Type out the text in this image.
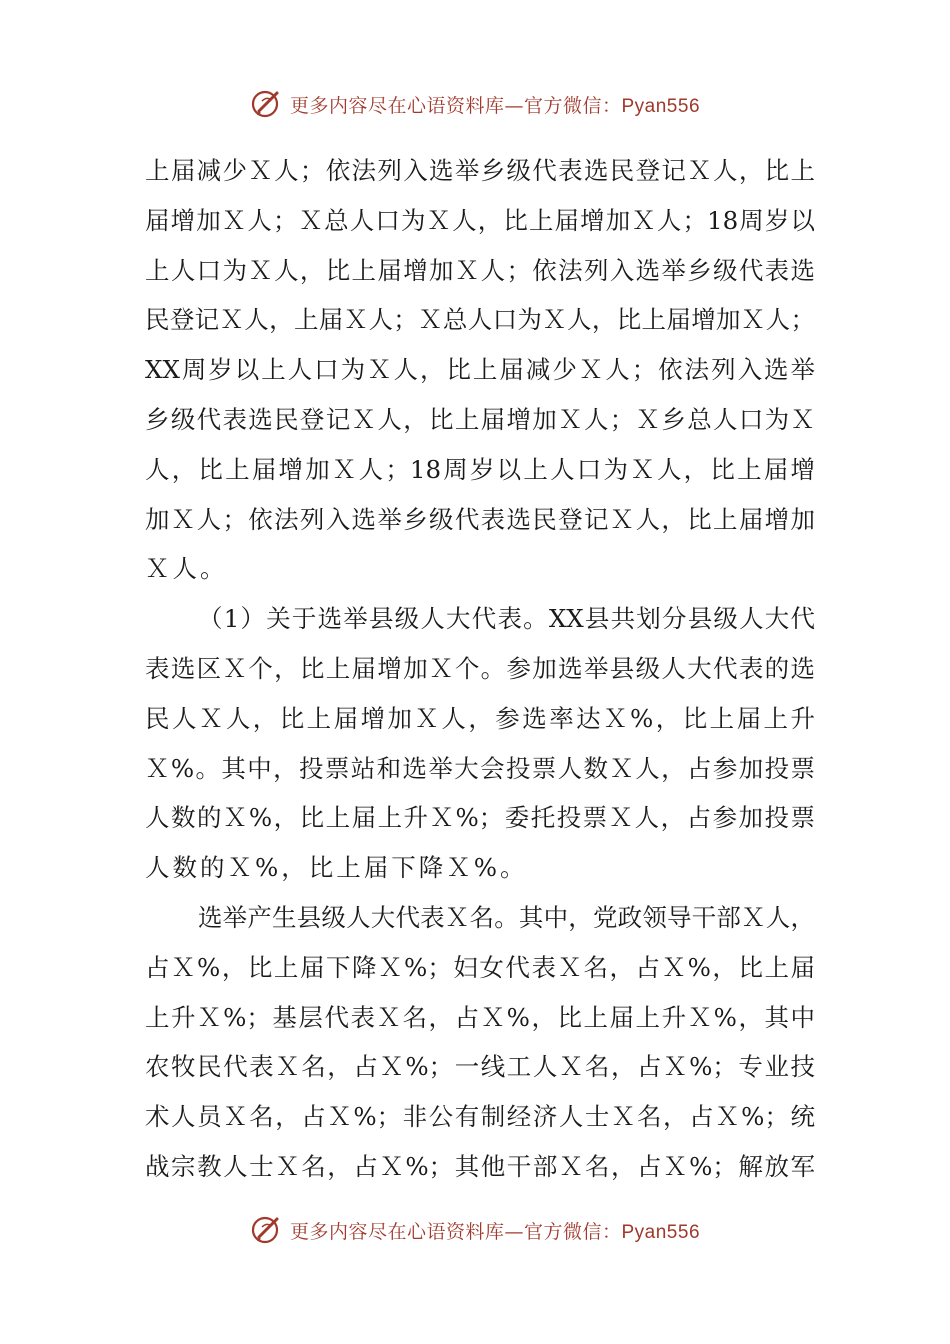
更多内容尽在心语资料库—官方微信：Pyan556
上届减少Ｘ人；依法列入选举乡级代表选民登记Ｘ人，比上
届增加Ｘ人；Ｘ总人口为Ｘ人，比上届增加Ｘ人；18周岁以
上人口为Ｘ人，比上届增加Ｘ人；依法列入选举乡级代表选
民登记Ｘ人，上届Ｘ人；Ｘ总人口为Ｘ人，比上届增加Ｘ人；
XX周岁以上人口为Ｘ人，比上届减少Ｘ人；依法列入选举
乡级代表选民登记Ｘ人，比上届增加Ｘ人；Ｘ乡总人口为Ｘ
人，比上届增加Ｘ人；18周岁以上人口为Ｘ人，比上届增
加Ｘ人；依法列入选举乡级代表选民登记Ｘ人，比上届增加
Ｘ人。
（1）关于选举县级人大代表。XX县共划分县级人大代
表选区Ｘ个，比上届增加Ｘ个。参加选举县级人大代表的选
民人Ｘ人，比上届增加Ｘ人，参选率达Ｘ%，比上届上升
Ｘ%。其中，投票站和选举大会投票人数Ｘ人，占参加投票
人数的Ｘ%，比上届上升Ｘ%；委托投票Ｘ人，占参加投票
人数的Ｘ%，比上届下降Ｘ%。
选举产生县级人大代表Ｘ名。其中，党政领导干部Ｘ人，
占Ｘ%，比上届下降Ｘ%；妇女代表Ｘ名，占Ｘ%，比上届
上升Ｘ%；基层代表Ｘ名，占Ｘ%，比上届上升Ｘ%，其中
农牧民代表Ｘ名，占Ｘ%；一线工人Ｘ名，占Ｘ%；专业技
术人员Ｘ名，占Ｘ%；非公有制经济人士Ｘ名，占Ｘ%；统
战宗教人士Ｘ名，占Ｘ%；其他干部Ｘ名，占Ｘ%；解放军
更多内容尽在心语资料库—官方微信：Pyan556
